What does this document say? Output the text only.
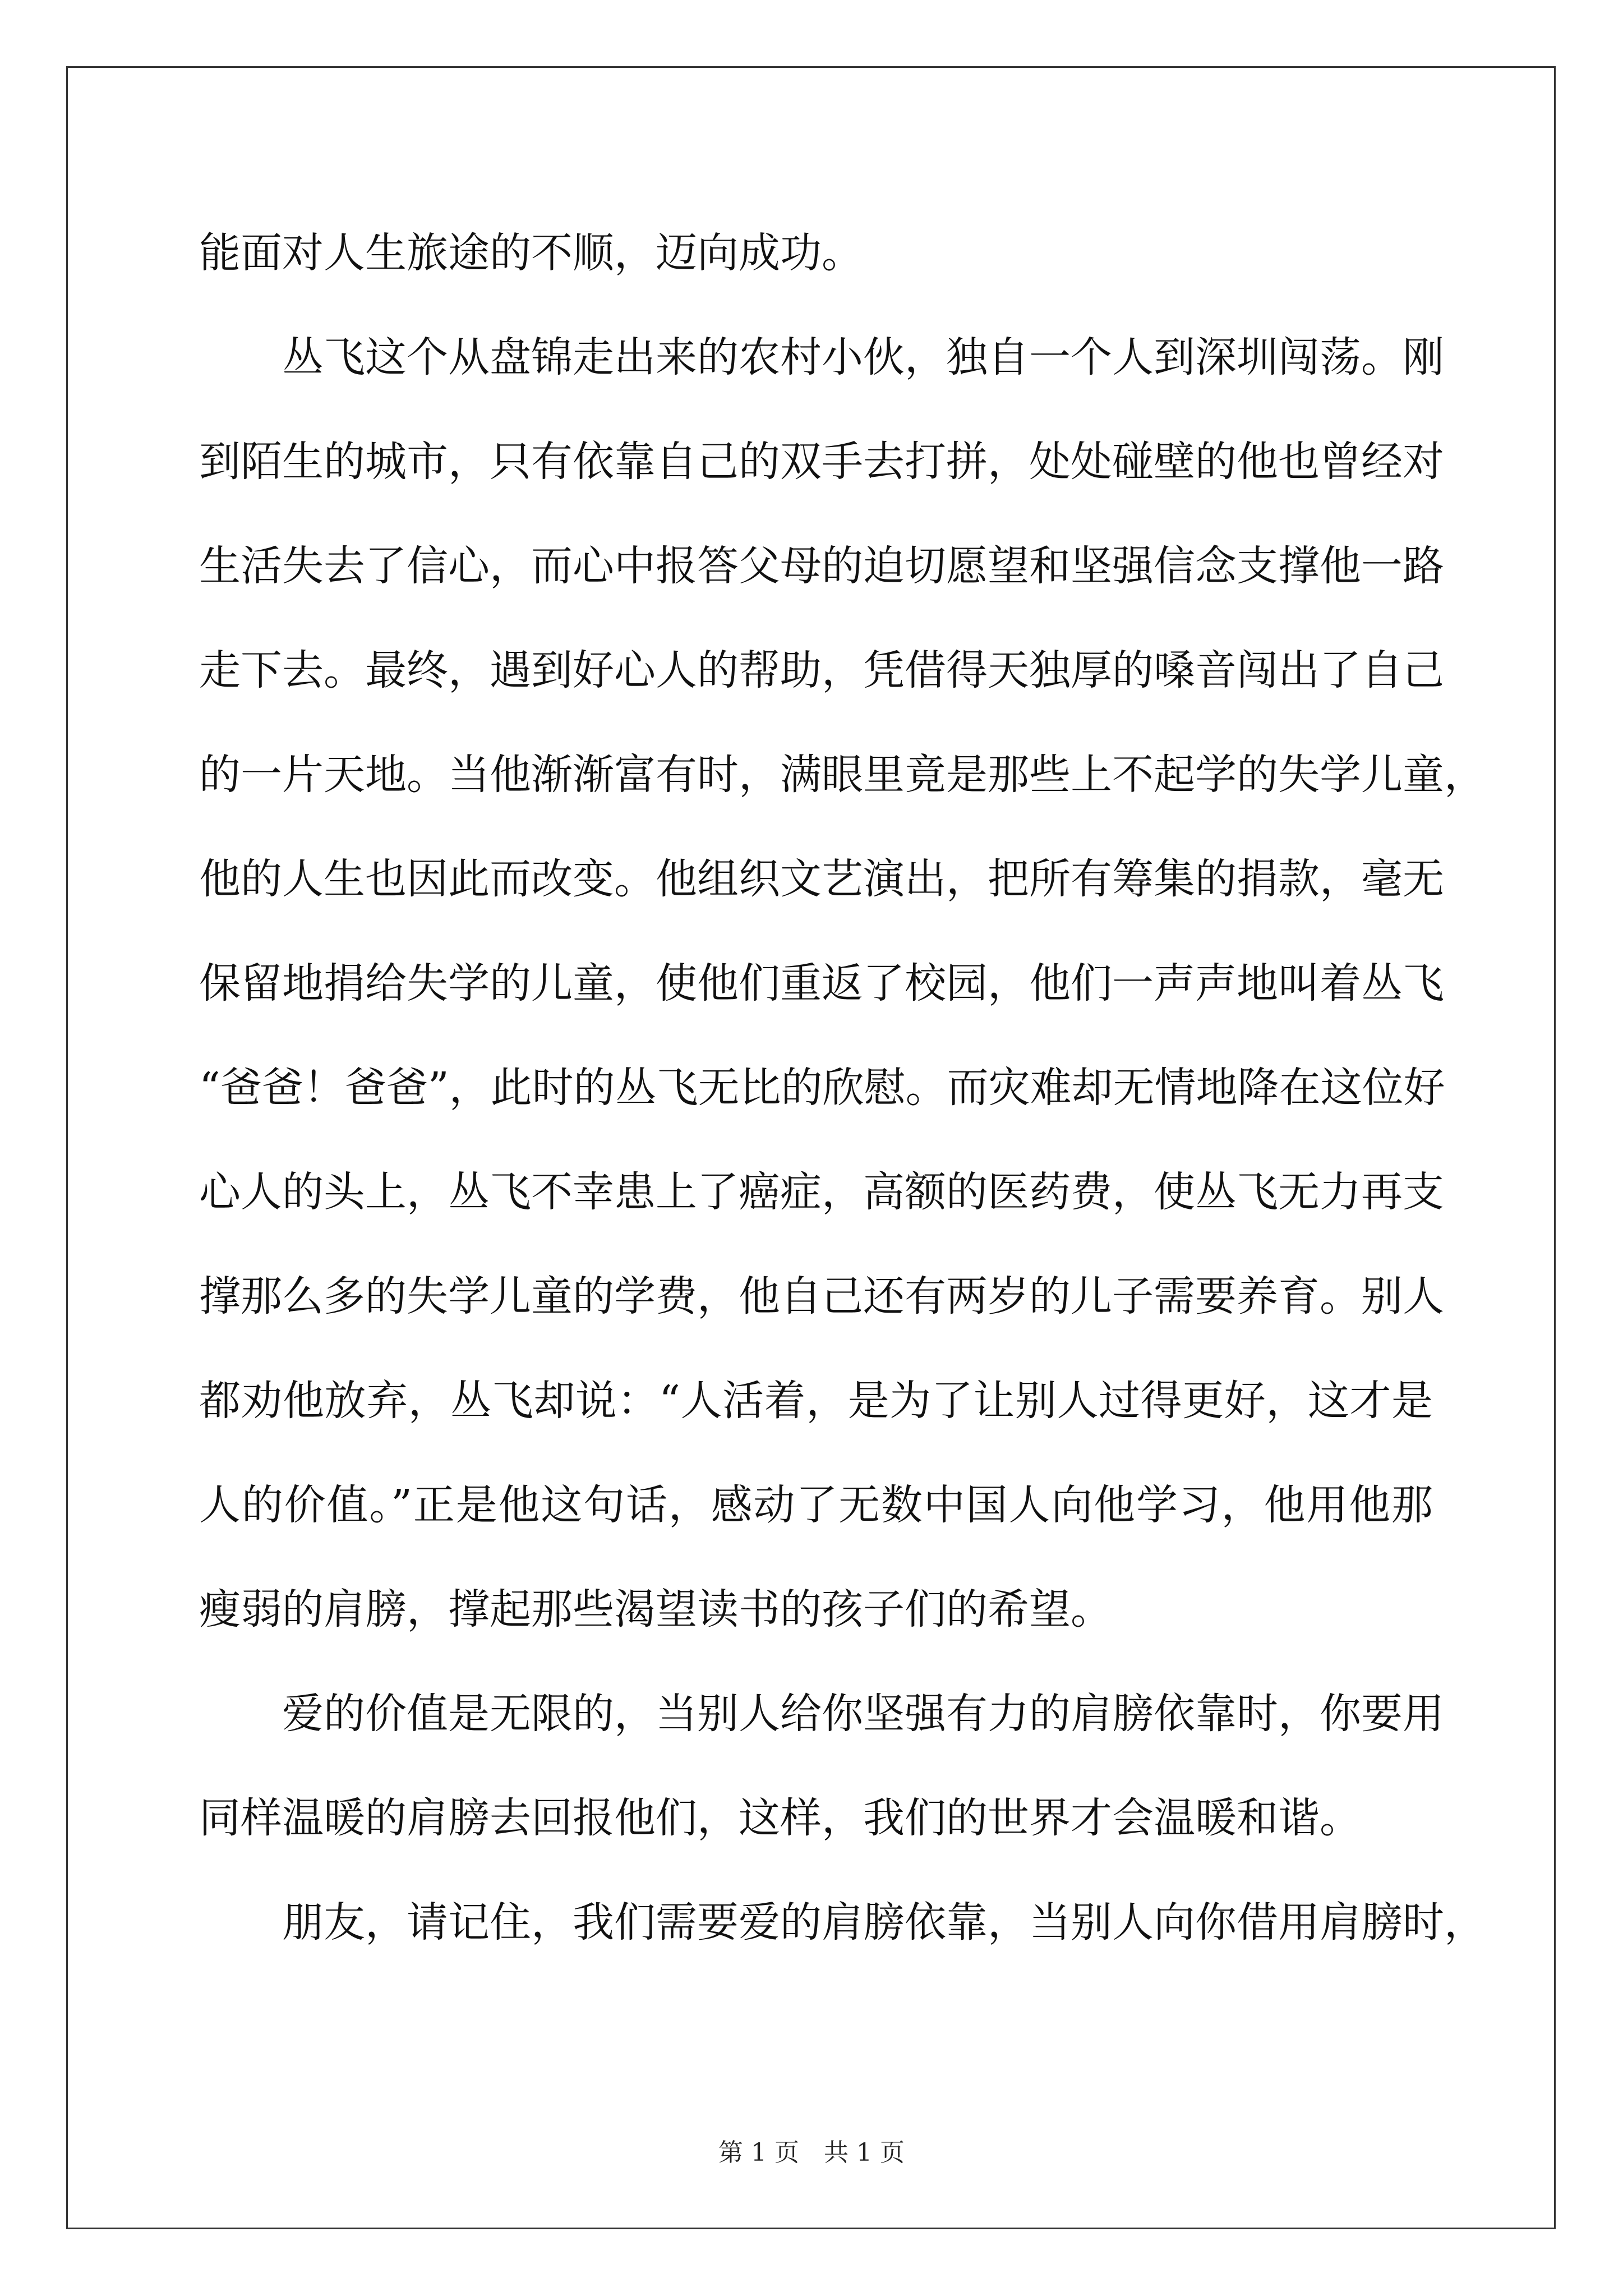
能面对人生旅途的不顺，迈向成功。
丛飞这个从盘锦走出来的农村小伙，独自一个人到深圳闯荡。刚
到陌生的城市，只有依靠自己的双手去打拼，处处碰壁的他也曾经对
生活失去了信心，而心中报答父母的迫切愿望和坚强信念支撑他一路
走下去。最终，遇到好心人的帮助，凭借得天独厚的嗓音闯出了自己
的一片天地。当他渐渐富有时，满眼里竟是那些上不起学的失学儿童，
他的人生也因此而改变。他组织文艺演出，把所有筹集的捐款，毫无
保留地捐给失学的儿童，使他们重返了校园，他们一声声地叫着丛飞
“爸爸！爸爸”，此时的丛飞无比的欣慰。而灾难却无情地降在这位好
心人的头上，丛飞不幸患上了癌症，高额的医药费，使丛飞无力再支
撑那么多的失学儿童的学费，他自己还有两岁的儿子需要养育。别人
都劝他放弃，丛飞却说：“人活着，是为了让别人过得更好，这才是
人的价值。”正是他这句话，感动了无数中国人向他学习，他用他那
瘦弱的肩膀，撑起那些渴望读书的孩子们的希望。
爱的价值是无限的，当别人给你坚强有力的肩膀依靠时，你要用
同样温暖的肩膀去回报他们，这样，我们的世界才会温暖和谐。
朋友，请记住，我们需要爱的肩膀依靠，当别人向你借用肩膀时，
第 1 页　共 1 页
